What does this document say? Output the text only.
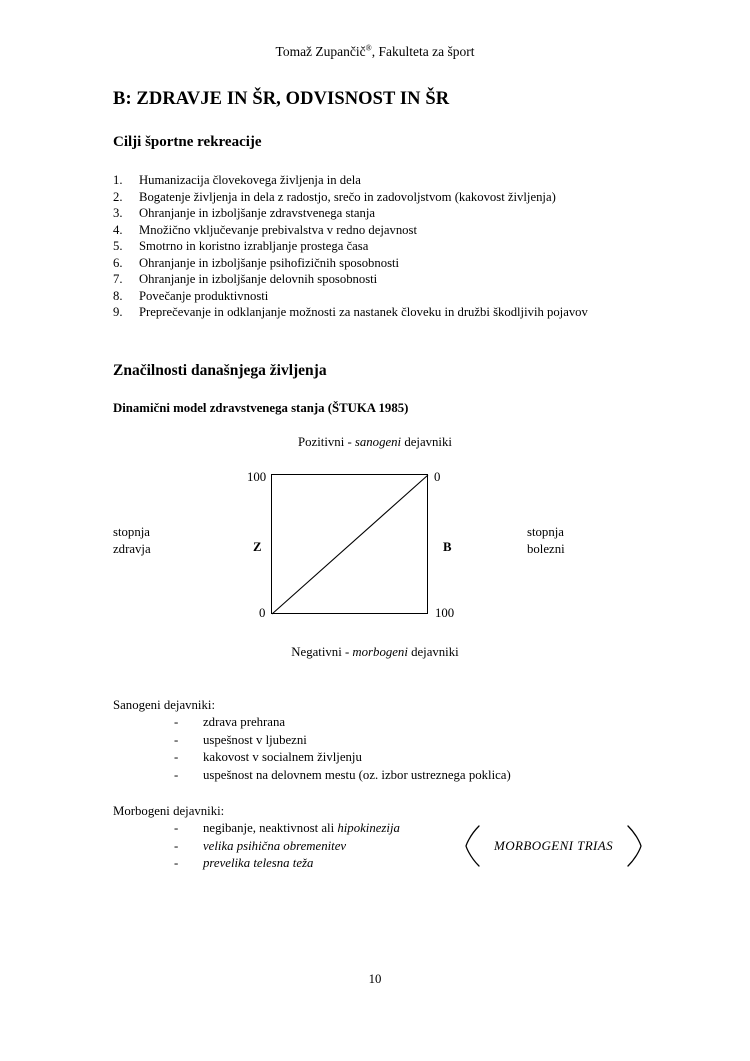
Tomaž Zupančič®, Fakulteta za šport
B: ZDRAVJE IN ŠR, ODVISNOST IN ŠR
Cilji športne rekreacije
1.	Humanizacija človekovega življenja in dela
2.	Bogatenje življenja in dela z radostjo, srečo in zadovoljstvom (kakovost življenja)
3.	Ohranjanje in izboljšanje zdravstvenega stanja
4.	Množično vključevanje prebivalstva v redno dejavnost
5.	Smotrno in koristno izrabljanje prostega časa
6.	Ohranjanje in izboljšanje psihofizičnih sposobnosti
7.	Ohranjanje in izboljšanje delovnih sposobnosti
8.	Povečanje produktivnosti
9.	Preprečevanje in odklanjanje možnosti za nastanek človeku in družbi škodljivih pojavov
Značilnosti današnjega življenja
Dinamični model zdravstvenega stanja (ŠTUKA 1985)
Pozitivni - sanogeni dejavniki
Negativni - morbogeni dejavniki
100	0
0	100
Z	B
stopnja
zdravja
stopnja
bolezni
Sanogeni dejavniki:
- zdrava prehrana
- uspešnost v ljubezni
- kakovost v socialnem življenju
- uspešnost na delovnem mestu (oz. izbor ustreznega poklica)
Morbogeni dejavniki:
- negibanje, neaktivnost ali hipokinezija
- velika psihična obremenitev
- prevelika telesna teža
MORBOGENI TRIAS
10
